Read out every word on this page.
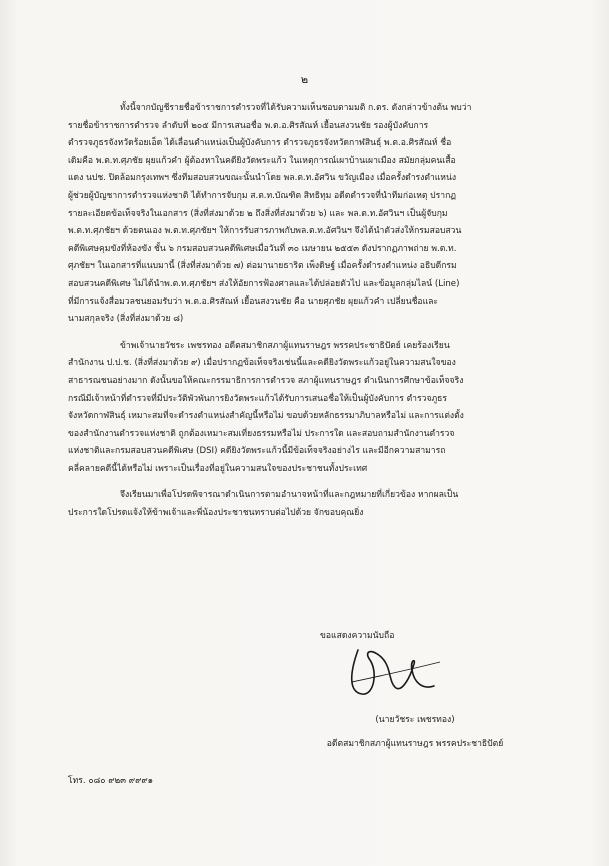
๒
ทั้งนี้จากบัญชีรายชื่อข้าราชการตำรวจที่ได้รับความเห็นชอบตามมติ ก.ตร. ดังกล่าวข้างต้น พบว่า
รายชื่อข้าราชการตำรวจ ลำดับที่ ๒๐๕ มีการเสนอชื่อ พ.ต.อ.ศิรสัณห์ เยื้อนสงวนชัย รองผู้บังคับการ
ตำรวจภูธรจังหวัดร้อยเอ็ด ได้เลื่อนตำแหน่งเป็นผู้บังคับการ ตำรวจภูธรจังหวัดกาฬสินธุ์ พ.ต.อ.ศิรสัณห์ ชื่อ
เดิมคือ พ.ต.ท.ศุภชัย ผุยแก้วคำ ผู้ต้องหาในคดียิงวัดพระแก้ว ในเหตุการณ์เผาบ้านเผาเมือง สมัยกลุ่มคนเสื้อ
แดง นปช. ปิดล้อมกรุงเทพฯ ซึ่งทีมสอบสวนขณะนั้นนำโดย พล.ต.ท.อัศวิน ขวัญเมือง เมื่อครั้งดำรงตำแหน่ง
ผู้ช่วยผู้บัญชาการตำรวจแห่งชาติ ได้ทำการจับกุม ส.ต.ท.บัณฑิต สิทธิทุม อดีตตำรวจที่นำทีมก่อเหตุ ปรากฏ
รายละเอียดข้อเท็จจริงในเอกสาร (สิ่งที่ส่งมาด้วย ๒ ถึงสิ่งที่ส่งมาด้วย ๖) และ พล.ต.ท.อัศวินฯ เป็นผู้จับกุม
พ.ต.ท.ศุภชัยฯ ด้วยตนเอง พ.ต.ท.ศุภชัยฯ ให้การรับสารภาพกับพล.ต.ท.อัศวินฯ จึงได้นำตัวส่งให้กรมสอบสวน
คดีพิเศษคุมขังที่ห้องขัง ชั้น ๖ กรมสอบสวนคดีพิเศษเมื่อวันที่ ๓๐ เมษายน ๒๕๕๓ ดังปรากฏภาพถ่าย พ.ต.ท.
ศุภชัยฯ ในเอกสารที่แนบมานี้ (สิ่งที่ส่งมาด้วย ๗) ต่อมานายธาริต เพ็งดิษฐ์ เมื่อครั้งดำรงตำแหน่ง อธิบดีกรม
สอบสวนคดีพิเศษ ไม่ได้นำพ.ต.ท.ศุภชัยฯ ส่งให้อัยการฟ้องศาลและได้ปล่อยตัวไป และข้อมูลกลุ่มไลน์ (Line)
ที่มีการแจ้งสื่อมวลชนยอมรับว่า พ.ต.อ.ศิรสัณห์ เยื้อนสงวนชัย คือ นายศุภชัย ผุยแก้วคำ เปลี่ยนชื่อและ
นามสกุลจริง (สิ่งที่ส่งมาด้วย ๘)
ข้าพเจ้านายวัชระ เพชรทอง อดีตสมาชิกสภาผู้แทนราษฎร พรรคประชาธิปัตย์ เคยร้องเรียน
สำนักงาน ป.ป.ช. (สิ่งที่ส่งมาด้วย ๙) เมื่อปรากฏข้อเท็จจริงเช่นนี้และคดียิงวัดพระแก้วอยู่ในความสนใจของ
สาธารณชนอย่างมาก ดังนั้นขอให้คณะกรรมาธิการการตำรวจ สภาผู้แทนราษฎร ดำเนินการศึกษาข้อเท็จจริง
กรณีมีเจ้าหน้าที่ตำรวจที่มีประวัติพัวพันการยิงวัดพระแก้วได้รับการเสนอชื่อให้เป็นผู้บังคับการ ตำรวจภูธร
จังหวัดกาฬสินธุ์ เหมาะสมที่จะดำรงตำแหน่งสำคัญนี้หรือไม่ ขอบด้วยหลักธรรมาภิบาลหรือไม่ และการแต่งตั้ง
ของสำนักงานตำรวจแห่งชาติ ถูกต้องเหมาะสมเที่ยงธรรมหรือไม่ ประการใด และสอบถามสำนักงานตำรวจ
แห่งชาติและกรมสอบสวนคดีพิเศษ (DSI) คดียิงวัดพระแก้วนี้มีข้อเท็จจริงอย่างไร และมีอีกความสามารถ
คลี่คลายคดีนี้ได้หรือไม่ เพราะเป็นเรื่องที่อยู่ในความสนใจของประชาชนทั้งประเทศ
จึงเรียนมาเพื่อโปรดพิจารณาดำเนินการตามอำนาจหน้าที่และกฎหมายที่เกี่ยวข้อง หากผลเป็น
ประการใดโปรดแจ้งให้ข้าพเจ้าและพี่น้องประชาชนทราบต่อไปด้วย จักขอบคุณยิ่ง
ขอแสดงความนับถือ
(นายวัชระ เพชรทอง)
อดีตสมาชิกสภาผู้แทนราษฎร พรรคประชาธิปัตย์
โทร. ๐๘๐ ๙๒๓ ๙๙๙๑
